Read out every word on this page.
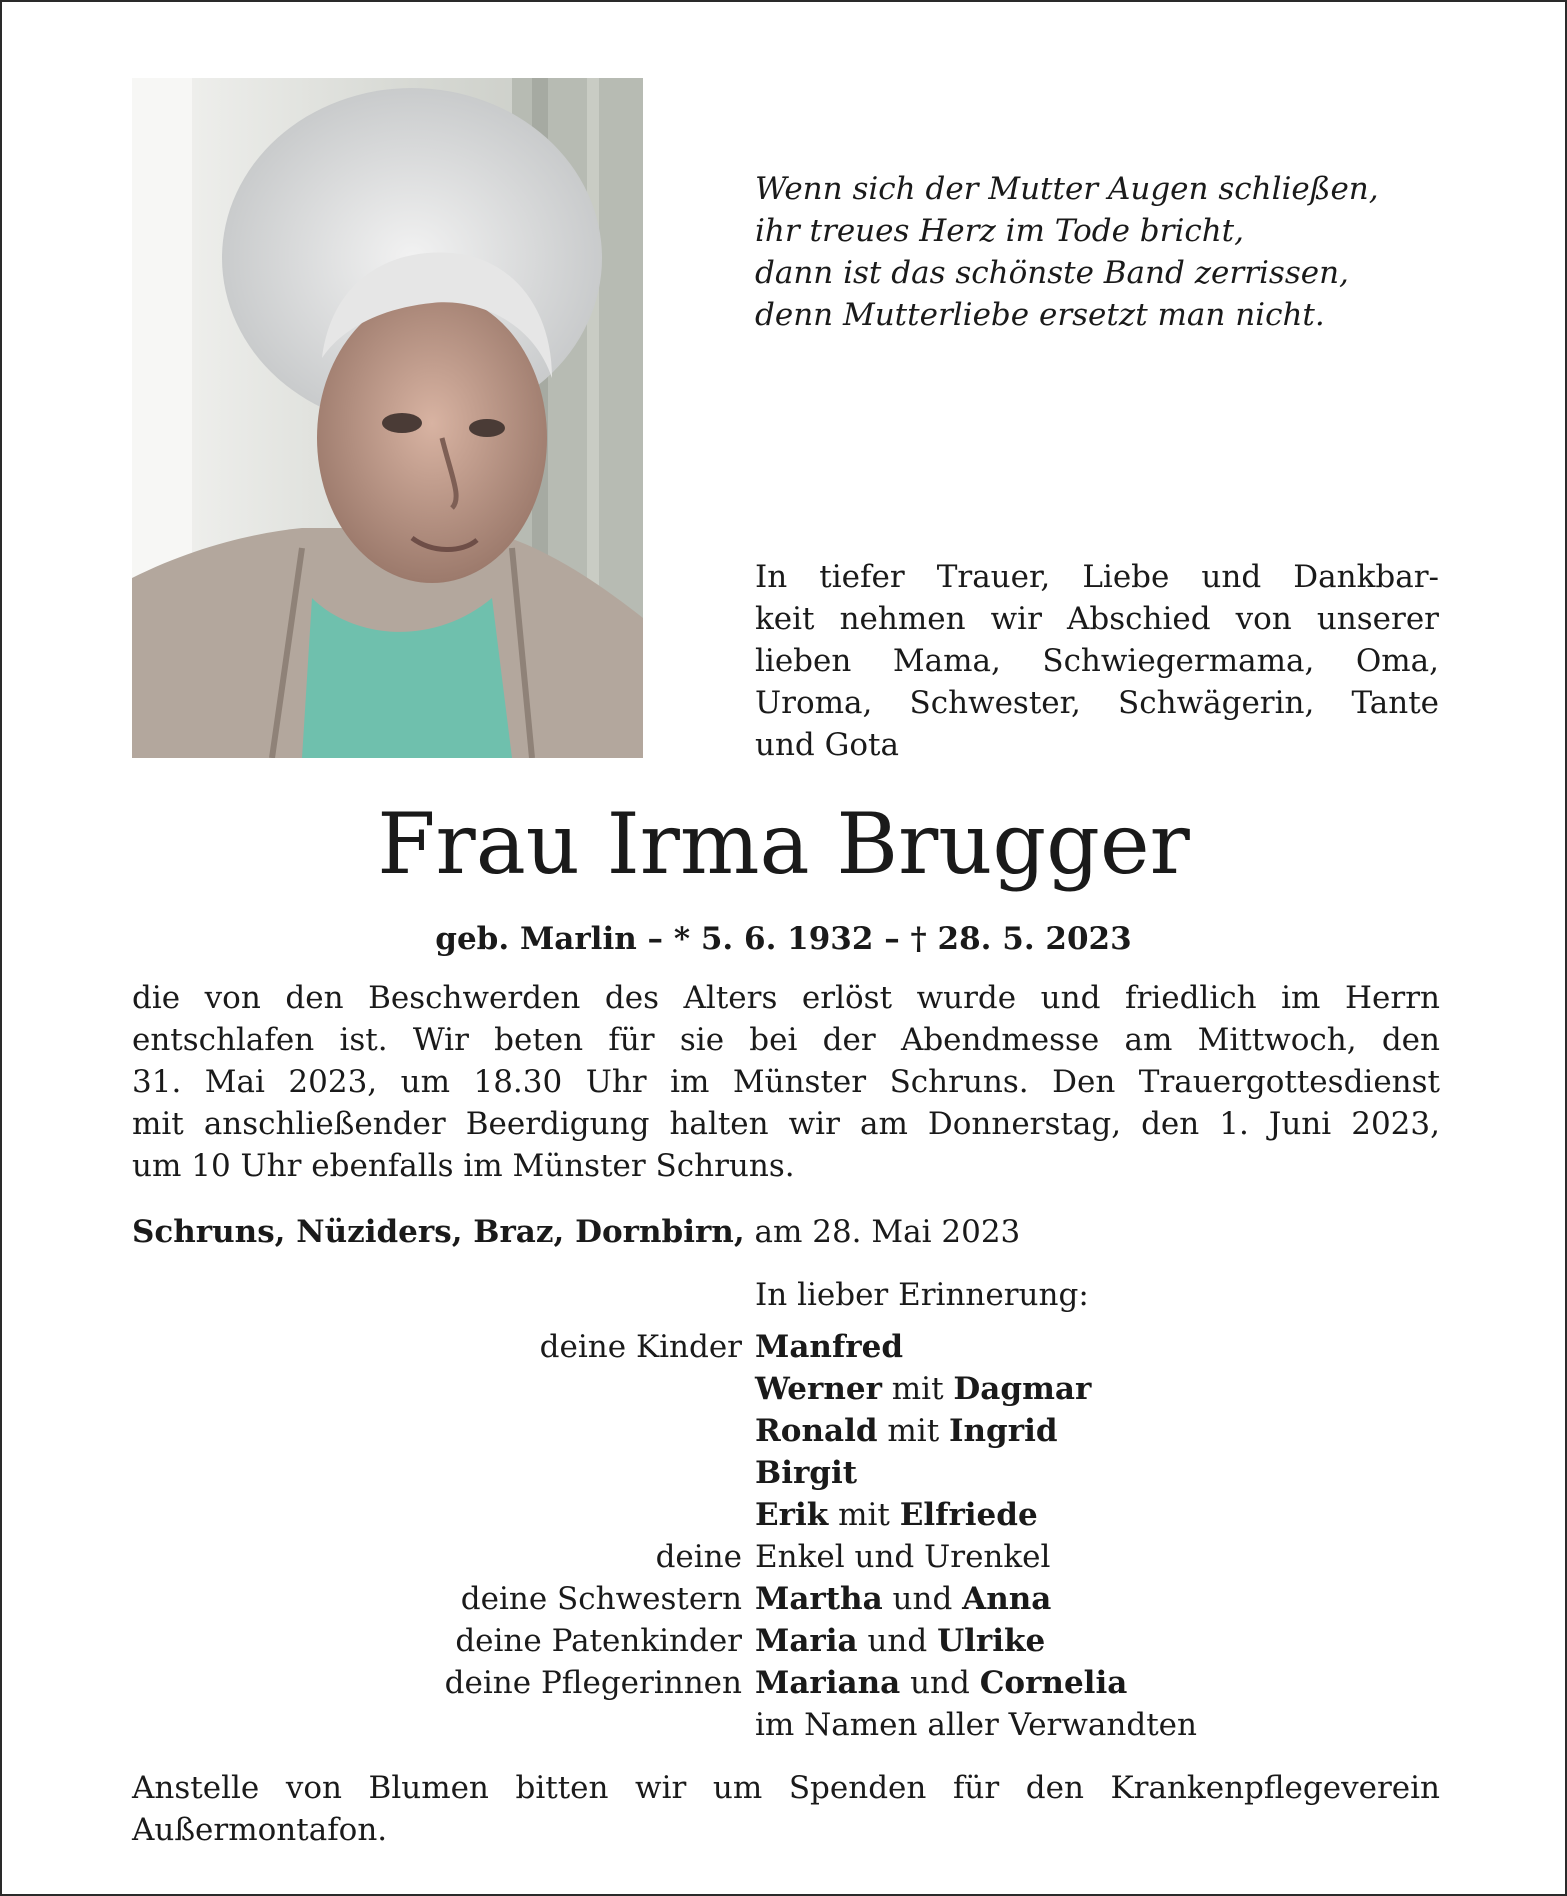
Wenn sich der Mutter Augen schließen,
ihr treues Herz im Tode bricht,
dann ist das schönste Band zerrissen,
denn Mutterliebe ersetzt man nicht.
In tiefer Trauer, Liebe und Dankbar-
keit nehmen wir Abschied von unserer
lieben Mama, Schwiegermama, Oma,
Uroma, Schwester, Schwägerin, Tante
und Gota
Frau Irma Brugger
geb. Marlin – * 5. 6. 1932 – † 28. 5. 2023
die von den Beschwerden des Alters erlöst wurde und friedlich im Herrn
entschlafen ist. Wir beten für sie bei der Abendmesse am Mittwoch, den
31. Mai 2023, um 18.30 Uhr im Münster Schruns. Den Trauergottesdienst
mit anschließender Beerdigung halten wir am Donnerstag, den 1. Juni 2023,
um 10 Uhr ebenfalls im Münster Schruns.
Schruns, Nüziders, Braz, Dornbirn, am 28. Mai 2023
In lieber Erinnerung:
deine Kinder Manfred
Werner mit Dagmar
Ronald mit Ingrid
Birgit
Erik mit Elfriede
deine Enkel und Urenkel
deine Schwestern Martha und Anna
deine Patenkinder Maria und Ulrike
deine Pflegerinnen Mariana und Cornelia
im Namen aller Verwandten
Anstelle von Blumen bitten wir um Spenden für den Krankenpflegeverein
Außermontafon.
